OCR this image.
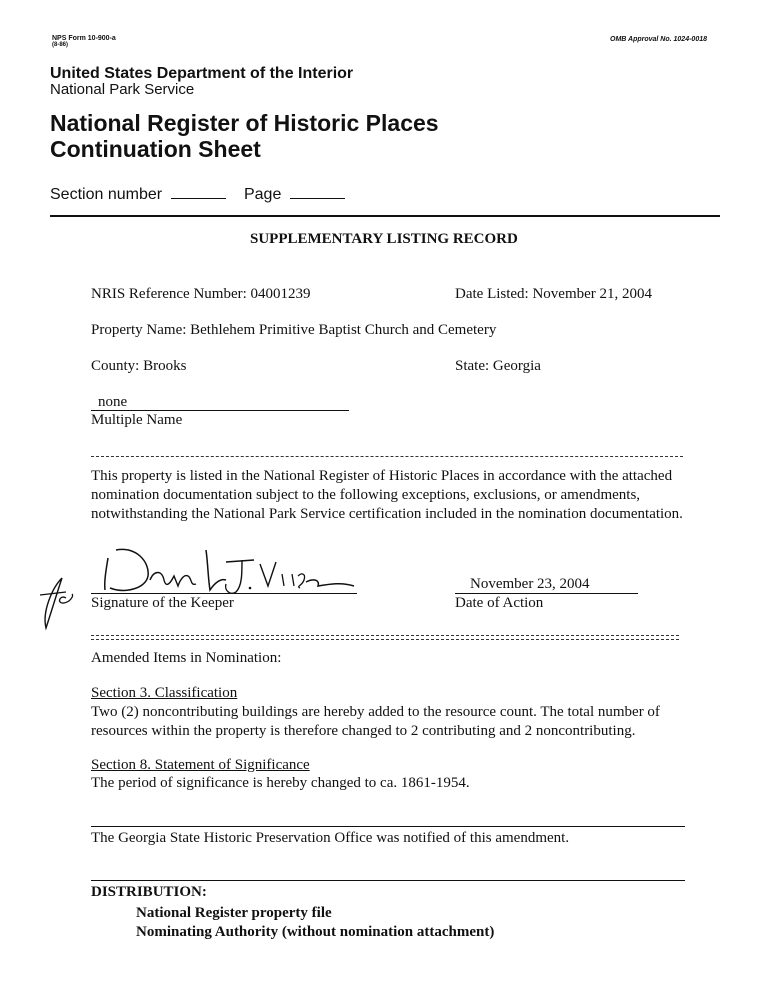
NPS Form 10-900-a
(8-86)
OMB Approval No. 1024-0018
United States Department of the Interior
National Park Service
National Register of Historic Places
Continuation Sheet
Section number	Page
SUPPLEMENTARY LISTING RECORD
NRIS Reference Number: 04001239	Date Listed: November 21, 2004
Property Name: Bethlehem Primitive Baptist Church and Cemetery
County: Brooks	State: Georgia
none
Multiple Name
This property is listed in the National Register of Historic Places in accordance with the attached nomination documentation subject to the following exceptions, exclusions, or amendments, notwithstanding the National Park Service certification included in the nomination documentation.
Signature of the Keeper
November 23, 2004
Date of Action
Amended Items in Nomination:
Section 3. Classification
Two (2) noncontributing buildings are hereby added to the resource count. The total number of resources within the property is therefore changed to 2 contributing and 2 noncontributing.
Section 8. Statement of Significance
The period of significance is hereby changed to ca. 1861-1954.
The Georgia State Historic Preservation Office was notified of this amendment.
DISTRIBUTION:
National Register property file
Nominating Authority (without nomination attachment)
